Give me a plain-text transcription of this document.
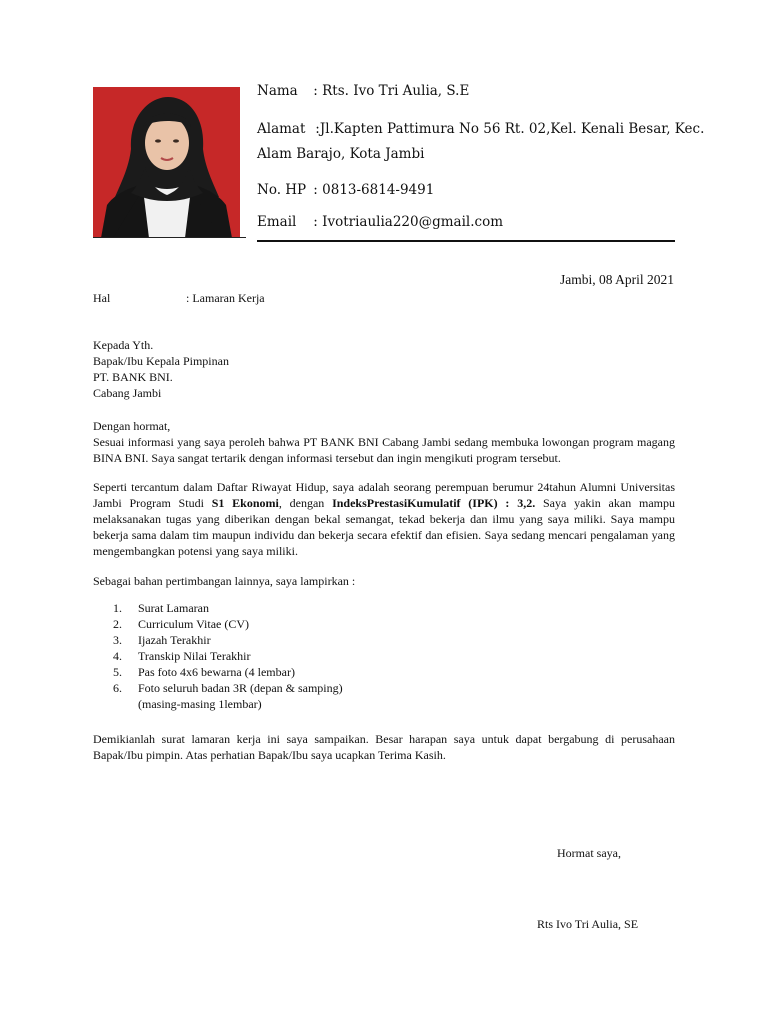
Nama : Rts. Ivo Tri Aulia, S.E
Alamat :Jl.Kapten Pattimura No 56 Rt. 02,Kel. Kenali Besar, Kec.
Alam Barajo, Kota Jambi
No. HP : 0813-6814-9491
Email : Ivotriaulia220@gmail.com
Jambi, 08 April 2021
Hal	: Lamaran Kerja
Kepada Yth.
Bapak/Ibu Kepala Pimpinan
PT. BANK BNI.
Cabang Jambi
Dengan hormat,
Sesuai informasi yang saya peroleh bahwa PT BANK BNI Cabang Jambi sedang membuka lowongan program magang BINA BNI. Saya sangat tertarik dengan informasi tersebut dan ingin mengikuti program tersebut.
Seperti tercantum dalam Daftar Riwayat Hidup, saya adalah seorang perempuan berumur 24tahun Alumni Universitas Jambi Program Studi S1 Ekonomi, dengan IndeksPrestasiKumulatif (IPK) : 3,2. Saya yakin akan mampu melaksanakan tugas yang diberikan dengan bekal semangat, tekad bekerja dan ilmu yang saya miliki. Saya mampu bekerja sama dalam tim maupun individu dan bekerja secara efektif dan efisien. Saya sedang mencari pengalaman yang mengembangkan potensi yang saya miliki.
Sebagai bahan pertimbangan lainnya, saya lampirkan :
1.	Surat Lamaran
2.	Curriculum Vitae (CV)
3.	Ijazah Terakhir
4.	Transkip Nilai Terakhir
5.	Pas foto 4x6 bewarna (4 lembar)
6.	Foto seluruh badan 3R (depan & samping)
(masing-masing 1lembar)
Demikianlah surat lamaran kerja ini saya sampaikan. Besar harapan saya untuk dapat bergabung di perusahaan Bapak/Ibu pimpin. Atas perhatian Bapak/Ibu saya ucapkan Terima Kasih.
Hormat saya,
Rts Ivo Tri Aulia, SE
